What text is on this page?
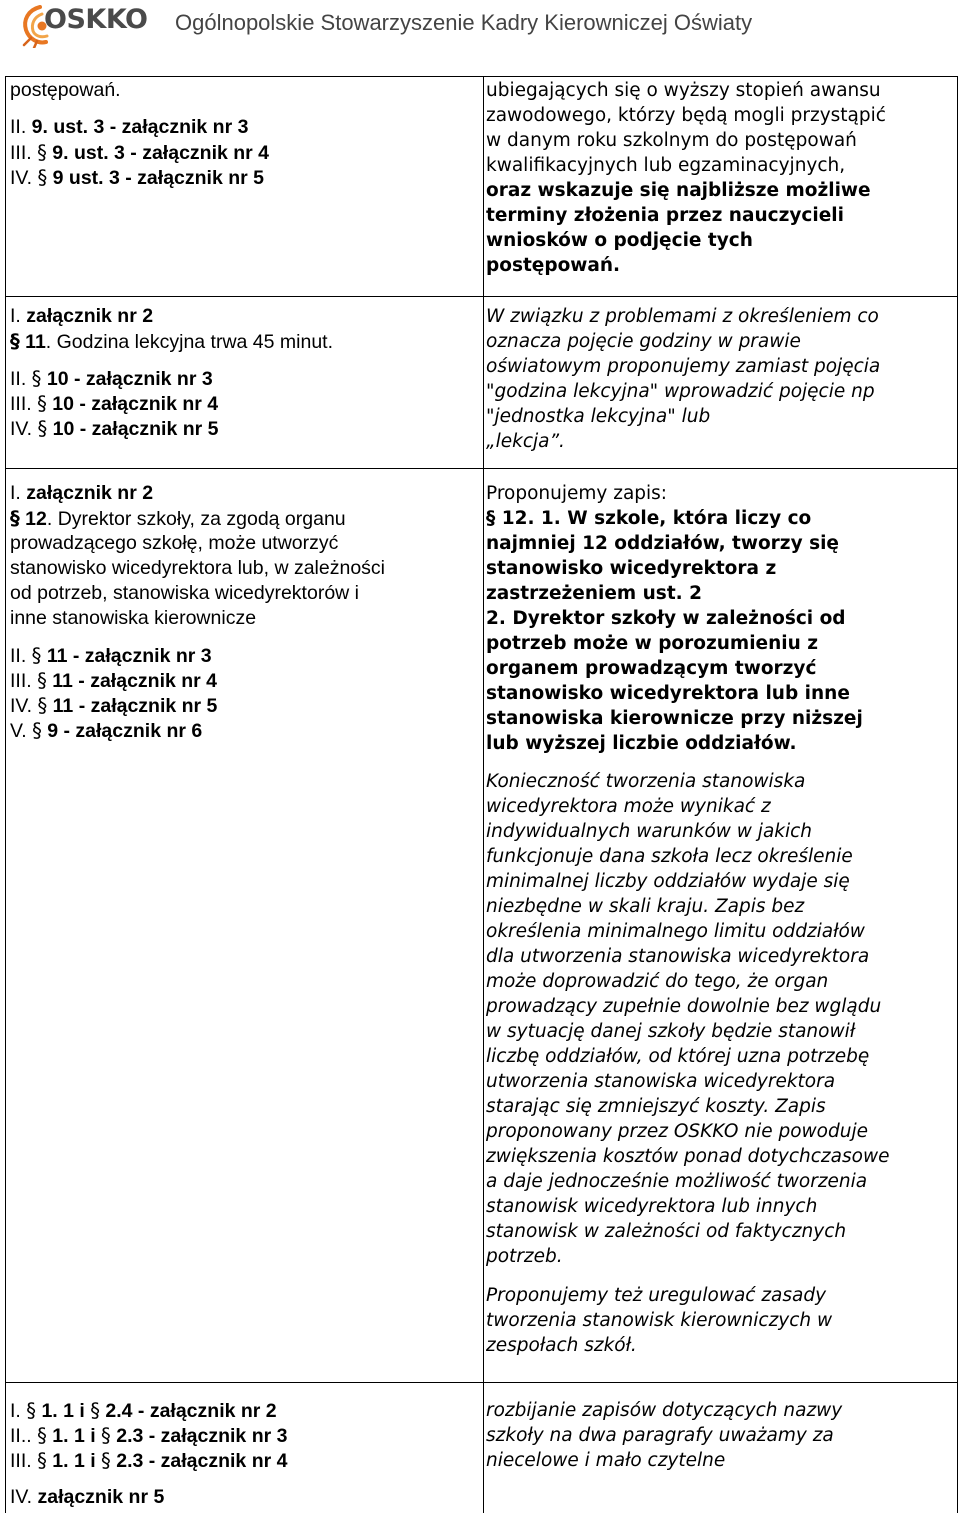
OSKKO Ogólnopolskie Stowarzyszenie Kadry Kierowniczej Oświaty
postępowań.
II. 9. ust. 3 - załącznik nr 3
III. § 9. ust. 3 - załącznik nr 4
IV. § 9 ust. 3 - załącznik nr 5
I. załącznik nr 2
§ 11. Godzina lekcyjna trwa 45 minut.
II. § 10 - załącznik nr 3
III. § 10 - załącznik nr 4
IV. § 10 - załącznik nr 5
I. załącznik nr 2
§ 12. Dyrektor szkoły, za zgodą organu
prowadzącego szkołę, może utworzyć
stanowisko wicedyrektora lub, w zależności
od potrzeb, stanowiska wicedyrektorów i
inne stanowiska kierownicze
II. § 11 - załącznik nr 3
III. § 11 - załącznik nr 4
IV. § 11 - załącznik nr 5
V. § 9 - załącznik nr 6
I. § 1. 1 i § 2.4 - załącznik nr 2
II.. § 1. 1 i § 2.3 - załącznik nr 3
III. § 1. 1 i § 2.3 - załącznik nr 4
IV. załącznik nr 5
ubiegających się o wyższy stopień awansu
zawodowego, którzy będą mogli przystąpić
w danym roku szkolnym do postępowań
kwalifikacyjnych lub egzaminacyjnych,
oraz wskazuje się najbliższe możliwe
terminy złożenia przez nauczycieli
wniosków o podjęcie tych
postępowań.
W związku z problemami z określeniem co
oznacza pojęcie godziny w prawie
oświatowym proponujemy zamiast pojęcia
"godzina lekcyjna" wprowadzić pojęcie np
"jednostka lekcyjna" lub
„lekcja”.
Proponujemy zapis:
§ 12. 1. W szkole, która liczy co
najmniej 12 oddziałów, tworzy się
stanowisko wicedyrektora z
zastrzeżeniem ust. 2
2. Dyrektor szkoły w zależności od
potrzeb może w porozumieniu z
organem prowadzącym tworzyć
stanowisko wicedyrektora lub inne
stanowiska kierownicze przy niższej
lub wyższej liczbie oddziałów.
Konieczność tworzenia stanowiska
wicedyrektora może wynikać z
indywidualnych warunków w jakich
funkcjonuje dana szkoła lecz określenie
minimalnej liczby oddziałów wydaje się
niezbędne w skali kraju. Zapis bez
określenia minimalnego limitu oddziałów
dla utworzenia stanowiska wicedyrektora
może doprowadzić do tego, że organ
prowadzący zupełnie dowolnie bez wglądu
w sytuację danej szkoły będzie stanowił
liczbę oddziałów, od której uzna potrzebę
utworzenia stanowiska wicedyrektora
starając się zmniejszyć koszty. Zapis
proponowany przez OSKKO nie powoduje
zwiększenia kosztów ponad dotychczasowe
a daje jednocześnie możliwość tworzenia
stanowisk wicedyrektora lub innych
stanowisk w zależności od faktycznych
potrzeb.
Proponujemy też uregulować zasady
tworzenia stanowisk kierowniczych w
zespołach szkół.
rozbijanie zapisów dotyczących nazwy
szkoły na dwa paragrafy uważamy za
niecelowe i mało czytelne
